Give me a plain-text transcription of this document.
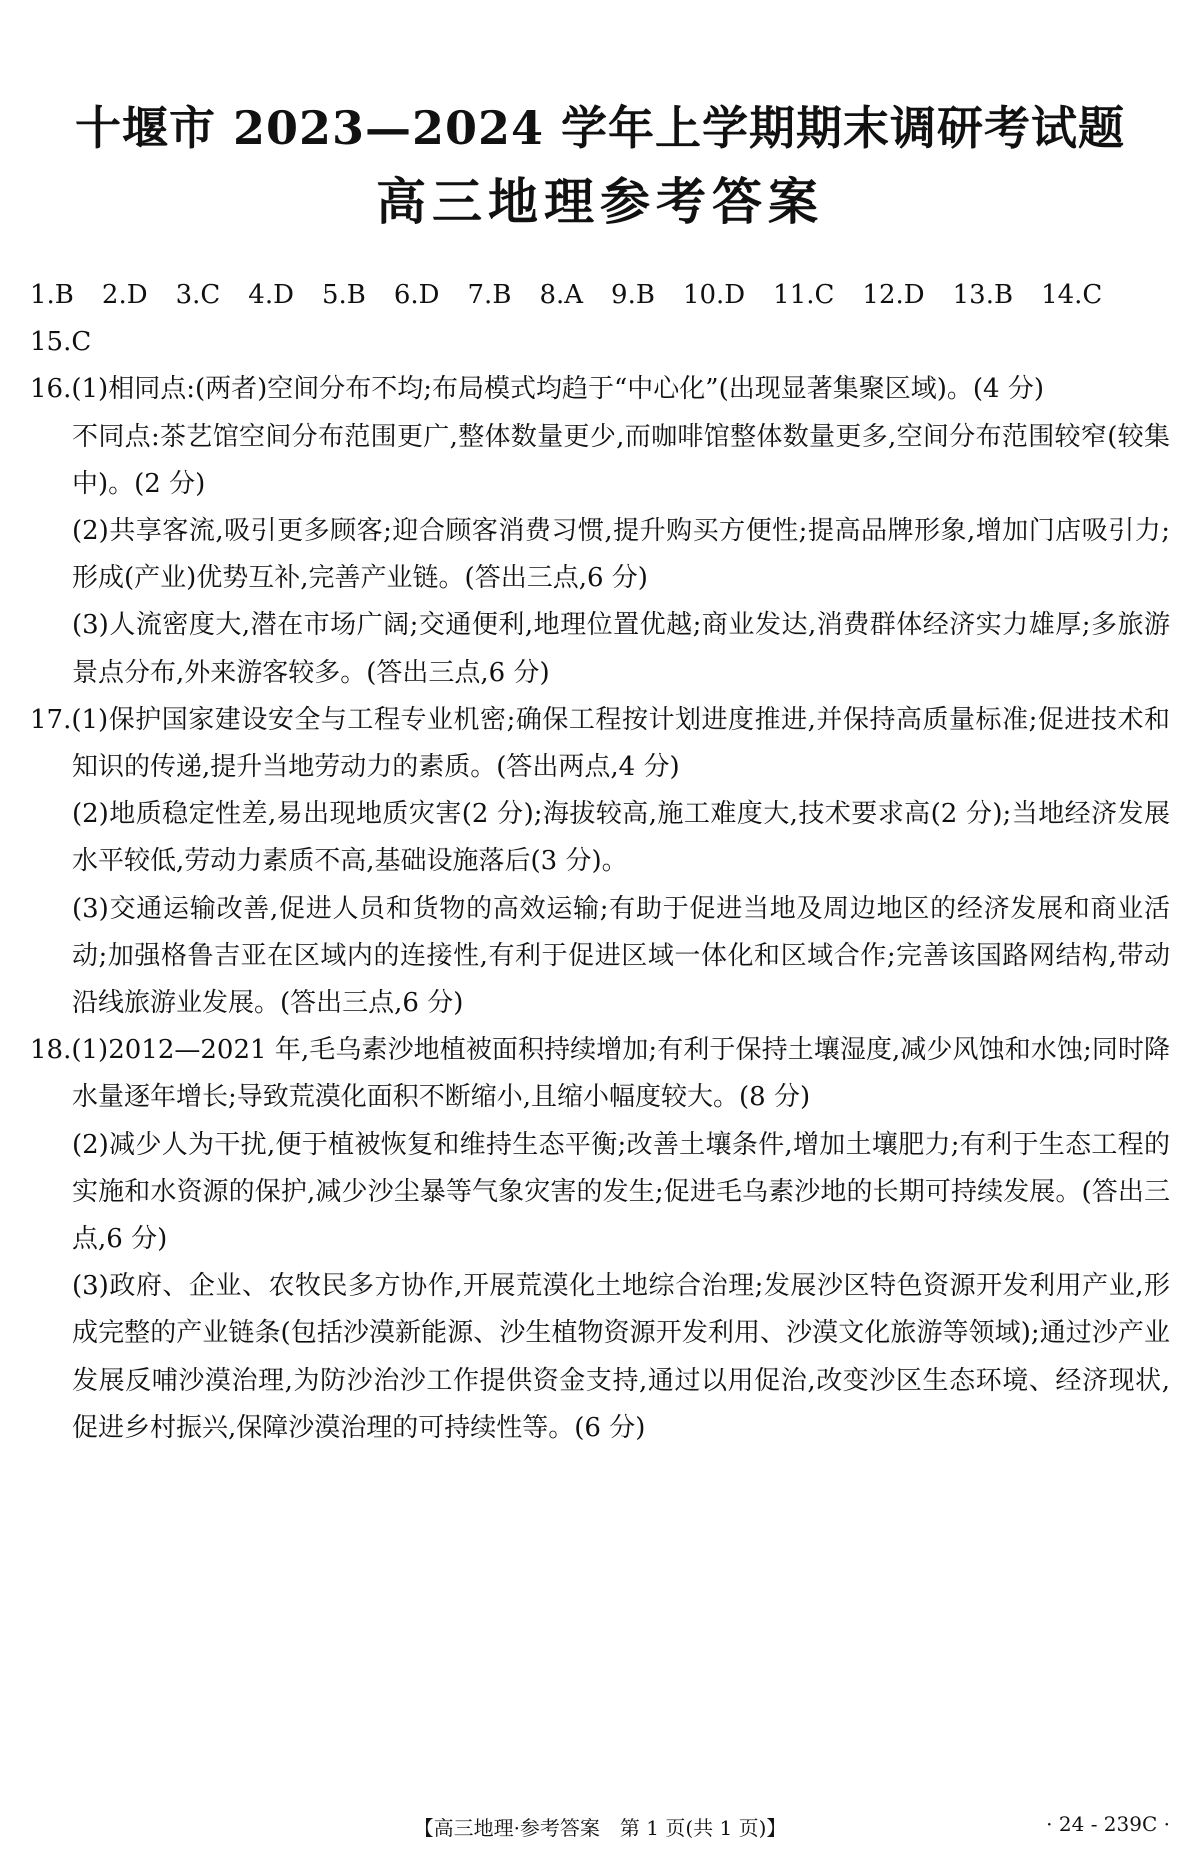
十堰市 2023—2024 学年上学期期末调研考试题
高三地理参考答案
1.B 2.D 3.C 4.D 5.B 6.D 7.B 8.A 9.B 10.D 11.C 12.D 13.B 14.C
15.C

16.(1)相同点:(两者)空间分布不均;布局模式均趋于“中心化”(出现显著集聚区域)。(4 分)

不同点:茶艺馆空间分布范围更广,整体数量更少,而咖啡馆整体数量更多,空间分布范围较窄(较集中)。(2 分)

(2)共享客流,吸引更多顾客;迎合顾客消费习惯,提升购买方便性;提高品牌形象,增加门店吸引力;形成(产业)优势互补,完善产业链。(答出三点,6 分)

(3)人流密度大,潜在市场广阔;交通便利,地理位置优越;商业发达,消费群体经济实力雄厚;多旅游景点分布,外来游客较多。(答出三点,6 分)

17.(1)保护国家建设安全与工程专业机密;确保工程按计划进度推进,并保持高质量标准;促进技术和知识的传递,提升当地劳动力的素质。(答出两点,4 分)

(2)地质稳定性差,易出现地质灾害(2 分);海拔较高,施工难度大,技术要求高(2 分);当地经济发展水平较低,劳动力素质不高,基础设施落后(3 分)。

(3)交通运输改善,促进人员和货物的高效运输;有助于促进当地及周边地区的经济发展和商业活动;加强格鲁吉亚在区域内的连接性,有利于促进区域一体化和区域合作;完善该国路网结构,带动沿线旅游业发展。(答出三点,6 分)

18.(1)2012—2021 年,毛乌素沙地植被面积持续增加;有利于保持土壤湿度,减少风蚀和水蚀;同时降水量逐年增长;导致荒漠化面积不断缩小,且缩小幅度较大。(8 分)

(2)减少人为干扰,便于植被恢复和维持生态平衡;改善土壤条件,增加土壤肥力;有利于生态工程的实施和水资源的保护,减少沙尘暴等气象灾害的发生;促进毛乌素沙地的长期可持续发展。(答出三点,6 分)

(3)政府、企业、农牧民多方协作,开展荒漠化土地综合治理;发展沙区特色资源开发利用产业,形成完整的产业链条(包括沙漠新能源、沙生植物资源开发利用、沙漠文化旅游等领域);通过沙产业发展反哺沙漠治理,为防沙治沙工作提供资金支持,通过以用促治,改变沙区生态环境、经济现状,促进乡村振兴,保障沙漠治理的可持续性等。(6 分)

【高三地理·参考答案　第 1 页(共 1 页)】	· 24 - 239C ·
